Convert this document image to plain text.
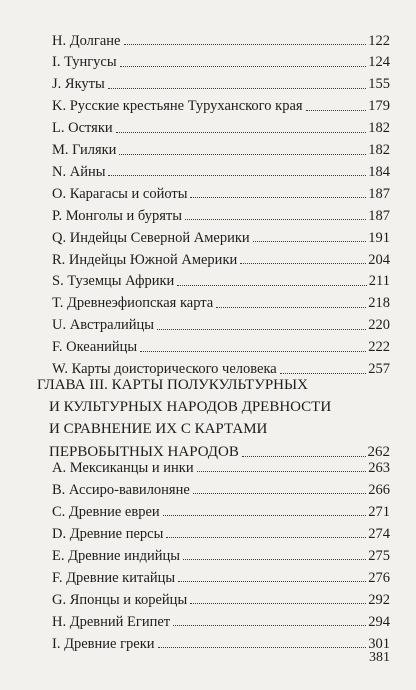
H. Долгане	122
I. Тунгусы	124
J. Якуты	155
K. Русские крестьяне Туруханского края	179
L. Остяки	182
M. Гиляки	182
N. Айны	184
O. Карагасы и сойоты	187
P. Монголы и буряты	187
Q. Индейцы Северной Америки	191
R. Индейцы Южной Америки	204
S. Туземцы Африки	211
T. Древнеэфиопская карта	218
U. Австралийцы	220
F. Океанийцы	222
W. Карты доисторического человека	257
ГЛАВА III. КАРТЫ ПОЛУКУЛЬТУРНЫХ
И КУЛЬТУРНЫХ НАРОДОВ ДРЕВНОСТИ
И СРАВНЕНИЕ ИХ С КАРТАМИ
ПЕРВОБЫТНЫХ НАРОДОВ	262
A. Мексиканцы и инки	263
B. Ассиро-вавилоняне	266
C. Древние евреи	271
D. Древние персы	274
E. Древние индийцы	275
F. Древние китайцы	276
G. Японцы и корейцы	292
H. Древний Египет	294
I. Древние греки	301
381
